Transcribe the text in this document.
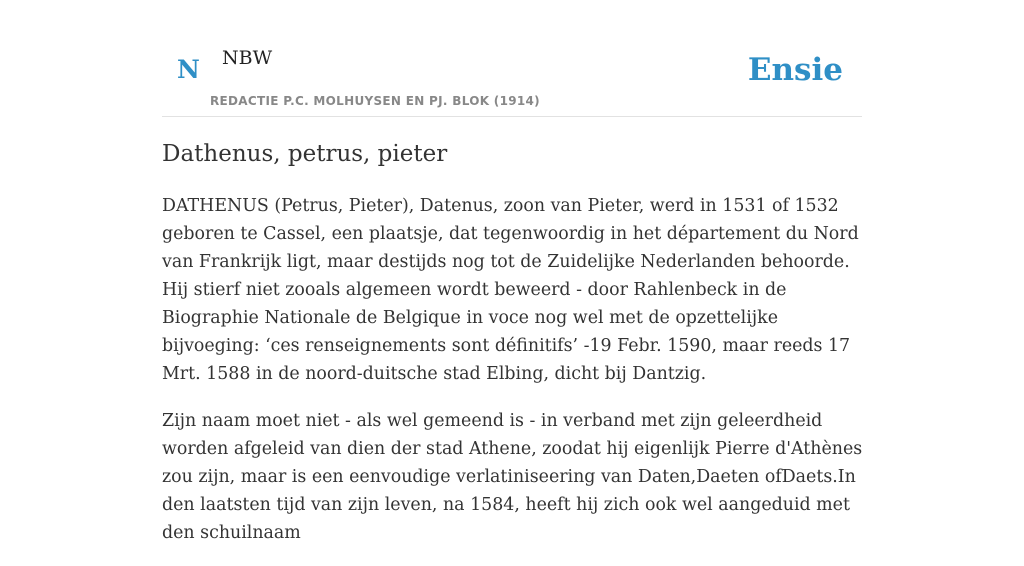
N NBW
REDACTIE P.C. MOLHUYSEN EN PJ. BLOK (1914)
Ensie
Dathenus, petrus, pieter

DATHENUS (Petrus, Pieter), Datenus, zoon van Pieter, werd in 1531 of 1532 geboren te Cassel, een plaatsje, dat tegenwoordig in het département du Nord van Frankrijk ligt, maar destijds nog tot de Zuidelijke Nederlanden behoorde. Hij stierf niet zooals algemeen wordt beweerd - door Rahlenbeck in de Biographie Nationale de Belgique in voce nog wel met de opzettelijke bijvoeging: ‘ces renseignements sont définitifs’ -19 Febr. 1590, maar reeds 17 Mrt. 1588 in de noord-duitsche stad Elbing, dicht bij Dantzig.

Zijn naam moet niet - als wel gemeend is - in verband met zijn geleerdheid worden afgeleid van dien der stad Athene, zoodat hij eigenlijk Pierre d'Athènes zou zijn, maar is een eenvoudige verlatiniseering van Daten,Daeten ofDaets.In den laatsten tijd van zijn leven, na 1584, heeft hij zich ook wel aangeduid met den schuilnaam
